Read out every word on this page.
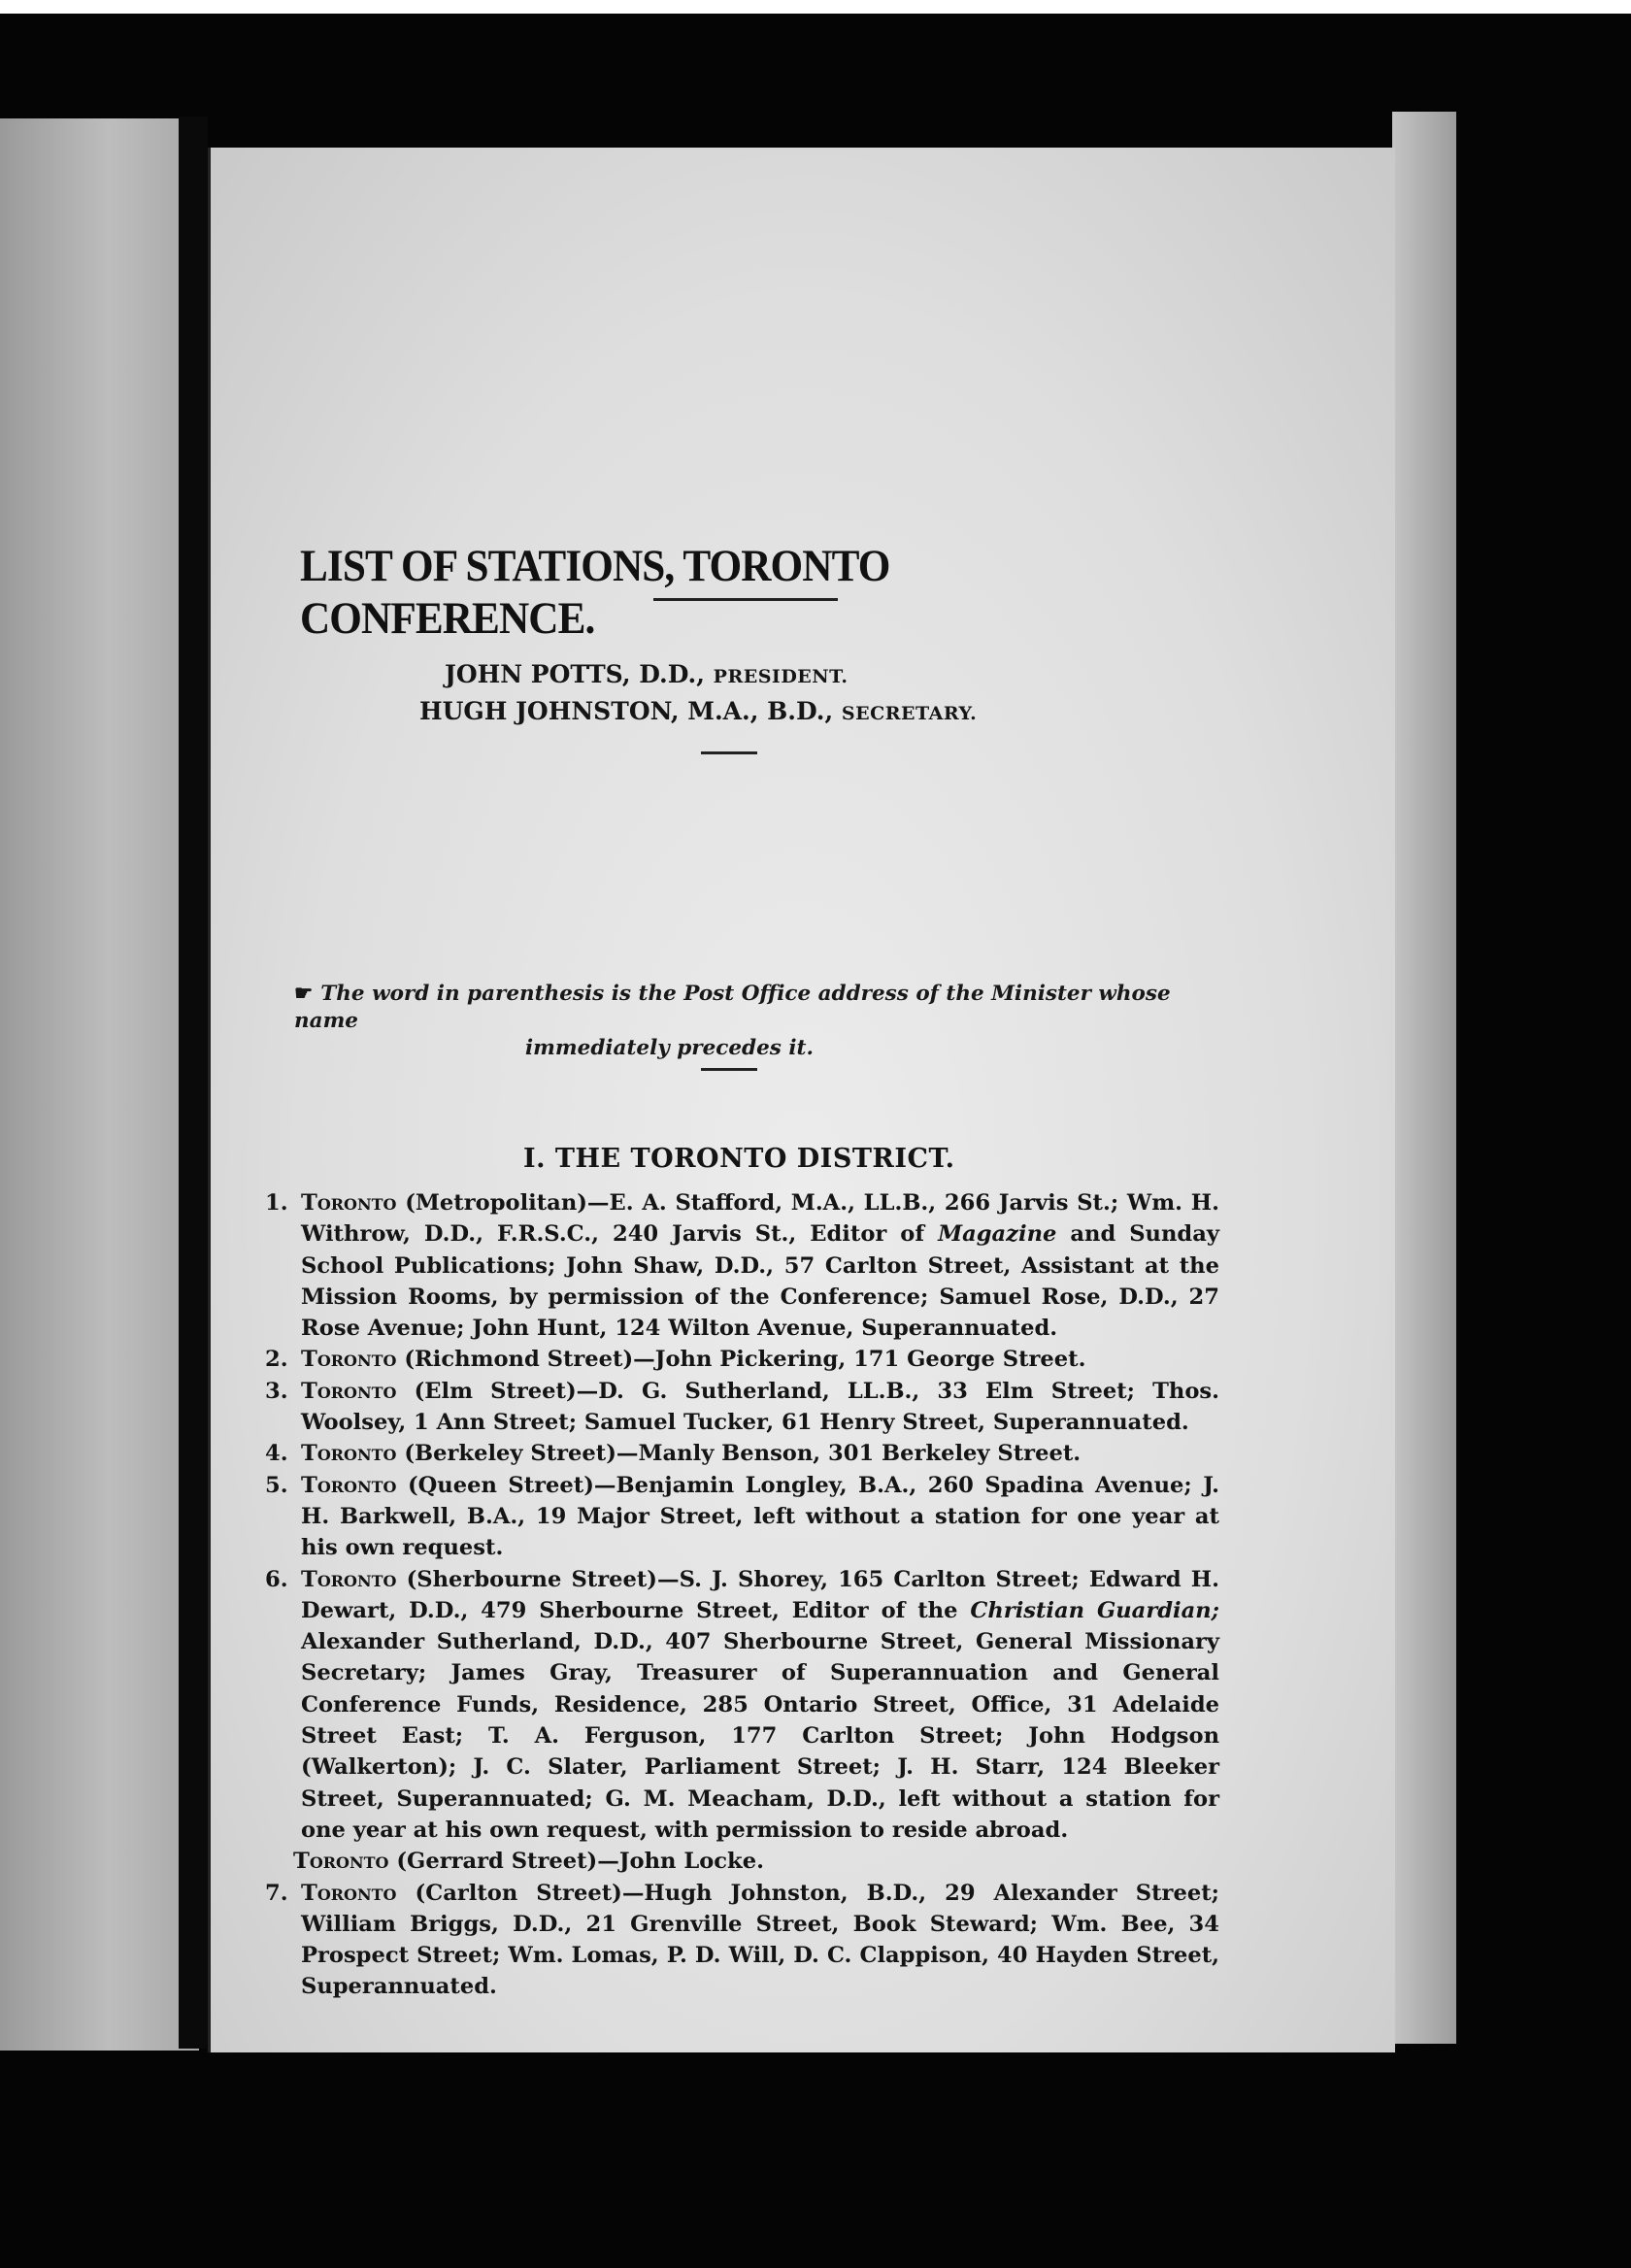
LIST OF STATIONS, TORONTO CONFERENCE.
JOHN POTTS, D.D., PRESIDENT.
HUGH JOHNSTON, M.A., B.D., SECRETARY.
☛ The word in parenthesis is the Post Office address of the Minister whose name
immediately precedes it.
I. THE TORONTO DISTRICT.
1. Toronto (Metropolitan)—E. A. Stafford, M.A., LL.B., 266 Jarvis St.; Wm. H. Withrow, D.D., F.R.S.C., 240 Jarvis St., Editor of Magazine and Sunday School Publications; John Shaw, D.D., 57 Carlton Street, Assistant at the Mission Rooms, by permission of the Conference; Samuel Rose, D.D., 27 Rose Avenue; John Hunt, 124 Wilton Avenue, Superannuated.
2. Toronto (Richmond Street)—John Pickering, 171 George Street.
3. Toronto (Elm Street)—D. G. Sutherland, LL.B., 33 Elm Street; Thos. Woolsey, 1 Ann Street; Samuel Tucker, 61 Henry Street, Superannuated.
4. Toronto (Berkeley Street)—Manly Benson, 301 Berkeley Street.
5. Toronto (Queen Street)—Benjamin Longley, B.A., 260 Spadina Avenue; J. H. Barkwell, B.A., 19 Major Street, left without a station for one year at his own request.
6. Toronto (Sherbourne Street)—S. J. Shorey, 165 Carlton Street; Edward H. Dewart, D.D., 479 Sherbourne Street, Editor of the Christian Guardian; Alexander Sutherland, D.D., 407 Sherbourne Street, General Missionary Secretary; James Gray, Treasurer of Superannuation and General Conference Funds, Residence, 285 Ontario Street, Office, 31 Adelaide Street East; T. A. Ferguson, 177 Carlton Street; John Hodgson (Walkerton); J. C. Slater, Parliament Street; J. H. Starr, 124 Bleeker Street, Superannuated; G. M. Meacham, D.D., left without a station for one year at his own request, with permission to reside abroad.
Toronto (Gerrard Street)—John Locke.
7. Toronto (Carlton Street)—Hugh Johnston, B.D., 29 Alexander Street; William Briggs, D.D., 21 Grenville Street, Book Steward; Wm. Bee, 34 Prospect Street; Wm. Lomas, P. D. Will, D. C. Clappison, 40 Hayden Street, Superannuated.
